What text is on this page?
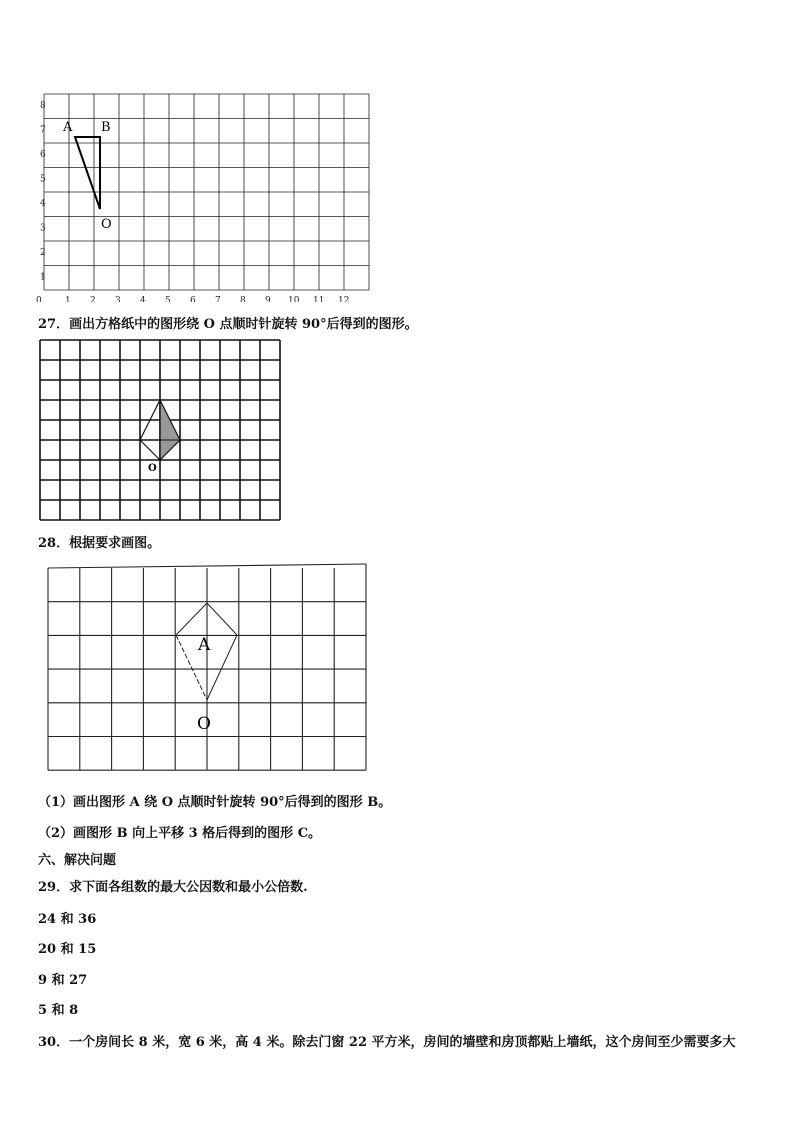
0	1 2 3 4 5 6 7 8 9 10 11 12
1
2
3
4
5
6
7
8
A B
O
27．画出方格纸中的图形绕 O 点顺时针旋转 90°后得到的图形。
O
28．根据要求画图。
A
O
（1）画出图形 A 绕 O 点顺时针旋转 90°后得到的图形 B。
（2）画图形 B 向上平移 3 格后得到的图形 C。
六、解决问题
29．求下面各组数的最大公因数和最小公倍数.
24 和 36
20 和 15
9 和 27
5 和 8
30．一个房间长 8 米，宽 6 米，高 4 米。除去门窗 22 平方米，房间的墙壁和房顶都贴上墙纸，这个房间至少需要多大
